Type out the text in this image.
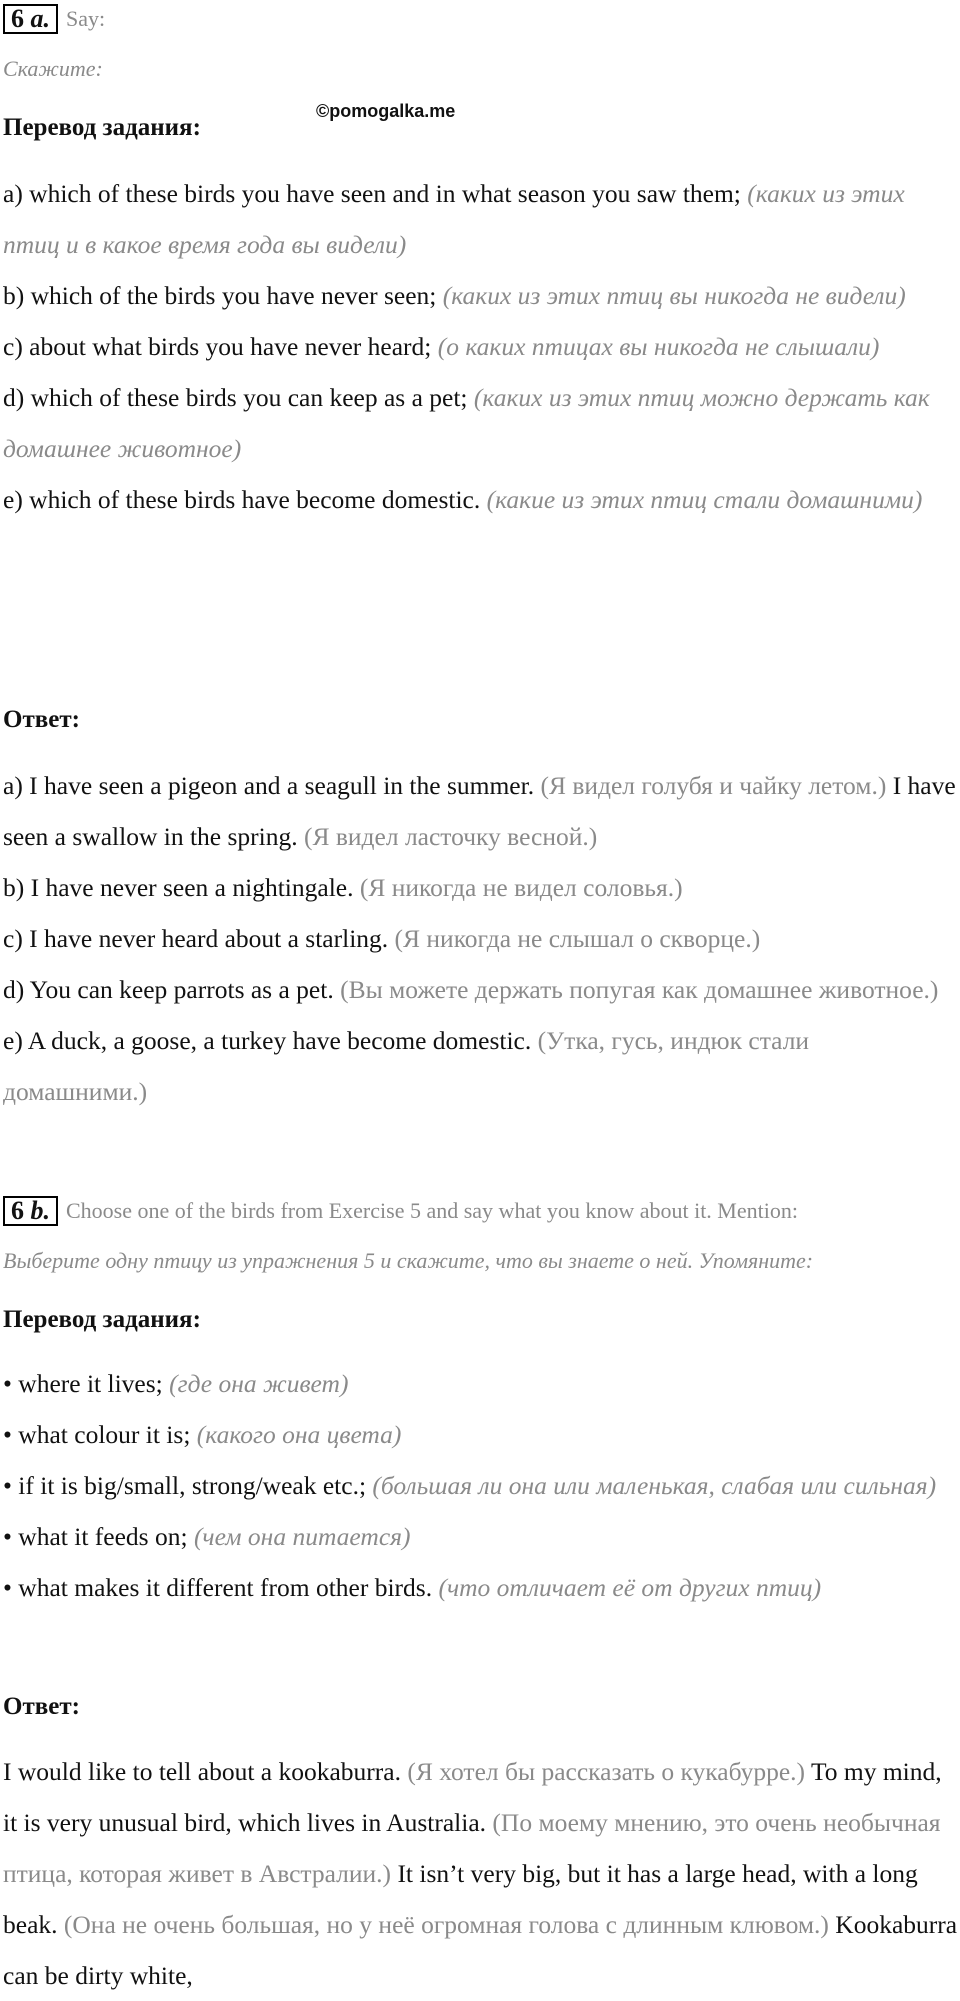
6
a. Say:
Скажите:
©pomogalka.me
Перевод задания:
a) which of these birds you have seen and in what season you saw them; (каких из этих птиц и в какое время года вы видели)
b) which of the birds you have never seen; (каких из этих птиц вы никогда не видели)
c) about what birds you have never heard; (о каких птицах вы никогда не слышали)
d) which of these birds you can keep as a pet; (каких из этих птиц можно держать как домашнее животное)
e) which of these birds have become domestic. (какие из этих птиц стали домашними)
Ответ:
a) I have seen a pigeon and a seagull in the summer. (Я видел голубя и чайку летом.) I have seen a swallow in the spring. (Я видел ласточку весной.)
b) I have never seen a nightingale. (Я никогда не видел соловья.)
c) I have never heard about a starling. (Я никогда не слышал о скворце.)
d) You can keep parrots as a pet. (Вы можете держать попугая как домашнее животное.)
e) A duck, a goose, a turkey have become domestic. (Утка, гусь, индюк стали домашними.)
6
b. Choose one of the birds from Exercise 5 and say what you know about it. Mention:
Выберите одну птицу из упражнения 5 и скажите, что вы знаете о ней. Упомяните:
Перевод задания:
• where it lives; (где она живет)
• what colour it is; (какого она цвета)
• if it is big/small, strong/weak etc.; (большая ли она или маленькая, слабая или сильная)
• what it feeds on; (чем она питается)
• what makes it different from other birds. (что отличает её от других птиц)
Ответ:
I would like to tell about a kookaburra. (Я хотел бы рассказать о кукабурре.) To my mind, it is very unusual bird, which lives in Australia. (По моему мнению, это очень необычная птица, которая живет в Австралии.) It isn’t very big, but it has a large head, with a long beak. (Она не очень большая, но у неё огромная голова с длинным клювом.) Kookaburra can be dirty white,
